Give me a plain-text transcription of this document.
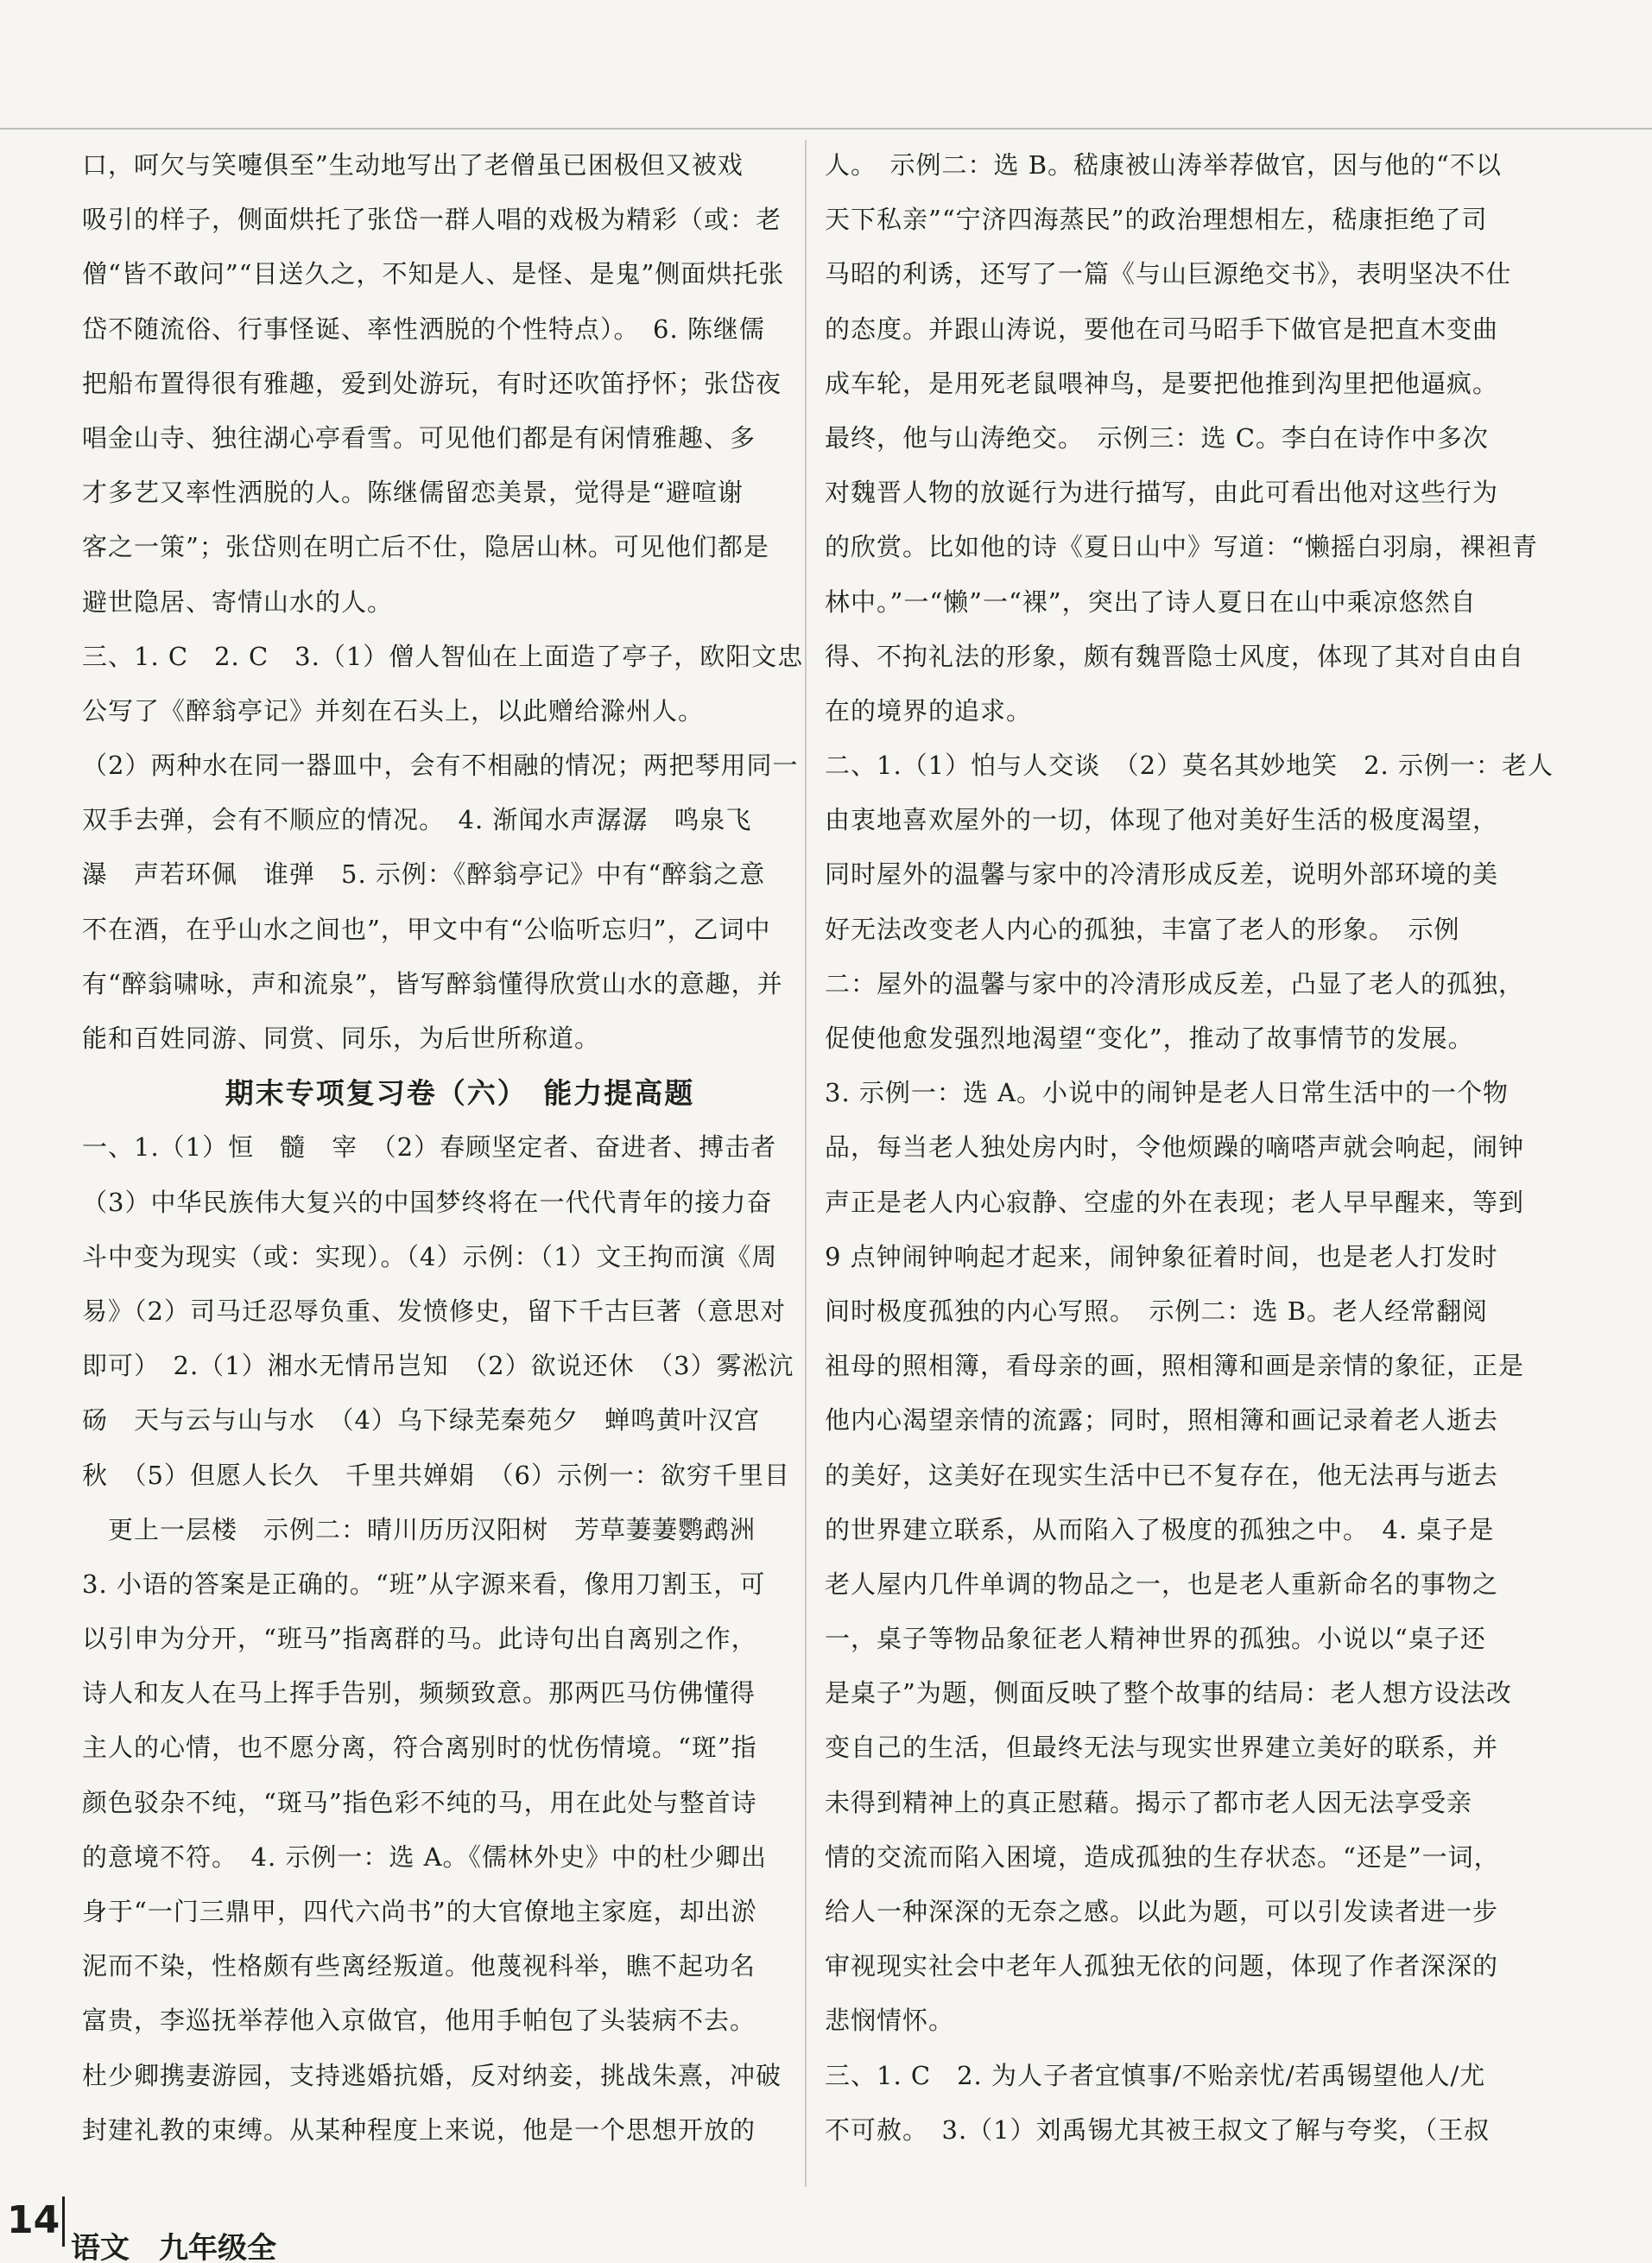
口，呵欠与笑嚏俱至”生动地写出了老僧虽已困极但又被戏

吸引的样子，侧面烘托了张岱一群人唱的戏极为精彩（或：老

僧“皆不敢问”“目送久之，不知是人、是怪、是鬼”侧面烘托张

岱不随流俗、行事怪诞、率性洒脱的个性特点）。　6. 陈继儒

把船布置得很有雅趣，爱到处游玩，有时还吹笛抒怀；张岱夜

唱金山寺、独往湖心亭看雪。可见他们都是有闲情雅趣、多

才多艺又率性洒脱的人。陈继儒留恋美景，觉得是“避喧谢

客之一策”；张岱则在明亡后不仕，隐居山林。可见他们都是

避世隐居、寄情山水的人。

三、1. C　2. C　3.（1）僧人智仙在上面造了亭子，欧阳文忠

公写了《醉翁亭记》并刻在石头上，以此赠给滁州人。

（2）两种水在同一器皿中，会有不相融的情况；两把琴用同一

双手去弹，会有不顺应的情况。　4. 渐闻水声潺潺　鸣泉飞

瀑　声若环佩　谁弹　5. 示例：《醉翁亭记》中有“醉翁之意

不在酒，在乎山水之间也”，甲文中有“公临听忘归”，乙词中

有“醉翁啸咏，声和流泉”，皆写醉翁懂得欣赏山水的意趣，并

能和百姓同游、同赏、同乐，为后世所称道。

期末专项复习卷（六）　能力提高题

一、1.（1）恒　髓　宰　（2）春顾坚定者、奋进者、搏击者

（3）中华民族伟大复兴的中国梦终将在一代代青年的接力奋

斗中变为现实（或：实现）。（4）示例：（1）文王拘而演《周

易》（2）司马迁忍辱负重、发愤修史，留下千古巨著（意思对

即可）　2.（1）湘水无情吊岂知　（2）欲说还休　（3）雾淞沆

砀　天与云与山与水　（4）乌下绿芜秦苑夕　蝉鸣黄叶汉宫

秋　（5）但愿人长久　千里共婵娟　（6）示例一：欲穷千里目

　更上一层楼　示例二：晴川历历汉阳树　芳草萋萋鹦鹉洲

3. 小语的答案是正确的。“班”从字源来看，像用刀割玉，可

以引申为分开，“班马”指离群的马。此诗句出自离别之作，

诗人和友人在马上挥手告别，频频致意。那两匹马仿佛懂得

主人的心情，也不愿分离，符合离别时的忧伤情境。“斑”指

颜色驳杂不纯，“斑马”指色彩不纯的马，用在此处与整首诗

的意境不符。　4. 示例一：选 A。《儒林外史》中的杜少卿出

身于“一门三鼎甲，四代六尚书”的大官僚地主家庭，却出淤

泥而不染，性格颇有些离经叛道。他蔑视科举，瞧不起功名

富贵，李巡抚举荐他入京做官，他用手帕包了头装病不去。

杜少卿携妻游园，支持逃婚抗婚，反对纳妾，挑战朱熹，冲破

封建礼教的束缚。从某种程度上来说，他是一个思想开放的

人。　示例二：选 B。嵇康被山涛举荐做官，因与他的“不以

天下私亲”“宁济四海蒸民”的政治理想相左，嵇康拒绝了司

马昭的利诱，还写了一篇《与山巨源绝交书》，表明坚决不仕

的态度。并跟山涛说，要他在司马昭手下做官是把直木变曲

成车轮，是用死老鼠喂神鸟，是要把他推到沟里把他逼疯。

最终，他与山涛绝交。　示例三：选 C。李白在诗作中多次

对魏晋人物的放诞行为进行描写，由此可看出他对这些行为

的欣赏。比如他的诗《夏日山中》写道：“懒摇白羽扇，裸袒青

林中。”一“懒”一“裸”，突出了诗人夏日在山中乘凉悠然自

得、不拘礼法的形象，颇有魏晋隐士风度，体现了其对自由自

在的境界的追求。

二、1.（1）怕与人交谈　（2）莫名其妙地笑　2. 示例一：老人

由衷地喜欢屋外的一切，体现了他对美好生活的极度渴望，

同时屋外的温馨与家中的冷清形成反差，说明外部环境的美

好无法改变老人内心的孤独，丰富了老人的形象。　示例

二：屋外的温馨与家中的冷清形成反差，凸显了老人的孤独，

促使他愈发强烈地渴望“变化”，推动了故事情节的发展。

3. 示例一：选 A。小说中的闹钟是老人日常生活中的一个物

品，每当老人独处房内时，令他烦躁的嘀嗒声就会响起，闹钟

声正是老人内心寂静、空虚的外在表现；老人早早醒来，等到

9 点钟闹钟响起才起来，闹钟象征着时间，也是老人打发时

间时极度孤独的内心写照。　示例二：选 B。老人经常翻阅

祖母的照相簿，看母亲的画，照相簿和画是亲情的象征，正是

他内心渴望亲情的流露；同时，照相簿和画记录着老人逝去

的美好，这美好在现实生活中已不复存在，他无法再与逝去

的世界建立联系，从而陷入了极度的孤独之中。　4. 桌子是

老人屋内几件单调的物品之一，也是老人重新命名的事物之

一，桌子等物品象征老人精神世界的孤独。小说以“桌子还

是桌子”为题，侧面反映了整个故事的结局：老人想方设法改

变自己的生活，但最终无法与现实世界建立美好的联系，并

未得到精神上的真正慰藉。揭示了都市老人因无法享受亲

情的交流而陷入困境，造成孤独的生存状态。“还是”一词，

给人一种深深的无奈之感。以此为题，可以引发读者进一步

审视现实社会中老年人孤独无依的问题，体现了作者深深的

悲悯情怀。

三、1. C　2. 为人子者宜慎事/不贻亲忧/若禹锡望他人/尤

不可赦。　3.（1）刘禹锡尤其被王叔文了解与夸奖，（王叔

14
语文　九年级全
